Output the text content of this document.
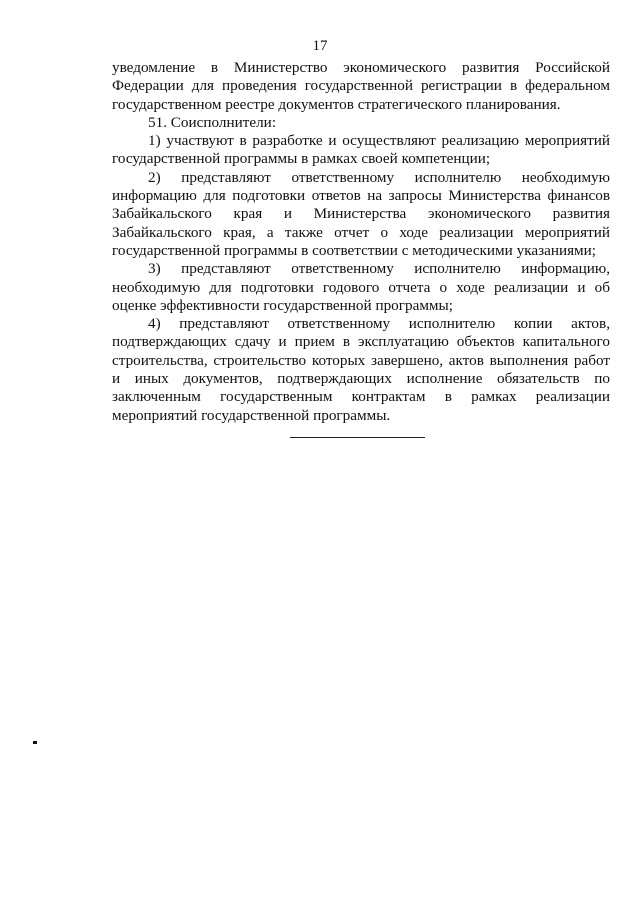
17

уведомление в Министерство экономического развития Российской Федерации для проведения государственной регистрации в федеральном государственном реестре документов стратегического планирования.

51. Соисполнители:

1) участвуют в разработке и осуществляют реализацию мероприятий государственной программы в рамках своей компетенции;

2) представляют ответственному исполнителю необходимую информацию для подготовки ответов на запросы Министерства финансов Забайкальского края и Министерства экономического развития Забайкальского края, а также отчет о ходе реализации мероприятий государственной программы в соответствии с методическими указаниями;

3) представляют ответственному исполнителю информацию, необходимую для подготовки годового отчета о ходе реализации и об оценке эффективности государственной программы;

4) представляют ответственному исполнителю копии актов, подтверждающих сдачу и прием в эксплуатацию объектов капитального строительства, строительство которых завершено, актов выполнения работ и иных документов, подтверждающих исполнение обязательств по заключенным государственным контрактам в рамках реализации мероприятий государственной программы.
